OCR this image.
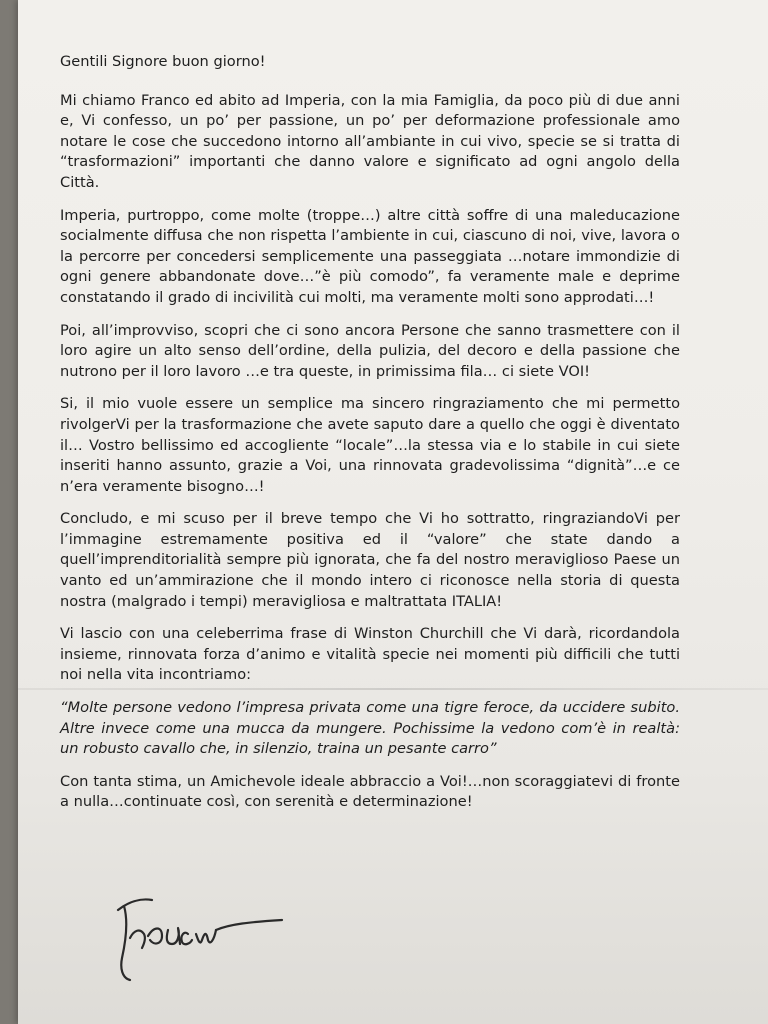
Gentili Signore buon giorno!

Mi chiamo Franco ed abito ad Imperia, con la mia Famiglia, da poco più di due anni e, Vi confesso, un po’ per passione, un po’ per deformazione professionale amo notare le cose che succedono intorno all’ambiante in cui vivo, specie se si tratta di “trasformazioni” importanti che danno valore e significato ad ogni angolo della Città.

Imperia, purtroppo, come molte (troppe…) altre città soffre di una maleducazione socialmente diffusa che non rispetta l’ambiente in cui, ciascuno di noi, vive, lavora o la percorre per concedersi semplicemente una passeggiata …notare immondizie di ogni genere abbandonate dove…”è più comodo”, fa veramente male e deprime constatando il grado di incivilità cui molti, ma veramente molti sono approdati…!

Poi, all’improvviso, scopri che ci sono ancora Persone che sanno trasmettere con il loro agire un alto senso dell’ordine, della pulizia, del decoro e della passione che nutrono per il loro lavoro …e tra queste, in primissima fila… ci siete VOI!

Si, il mio vuole essere un semplice ma sincero ringraziamento che mi permetto rivolgerVi per la trasformazione che avete saputo dare a quello che oggi è diventato il… Vostro bellissimo ed accogliente “locale”…la stessa via e lo stabile in cui siete inseriti hanno assunto, grazie a Voi, una rinnovata gradevolissima “dignità”…e ce n’era veramente bisogno…!

Concludo, e mi scuso per il breve tempo che Vi ho sottratto, ringraziandoVi per l’immagine estremamente positiva ed il “valore” che state dando a quell’imprenditorialità sempre più ignorata, che fa del nostro meraviglioso Paese un vanto ed un’ammirazione che il mondo intero ci riconosce nella storia di questa nostra (malgrado i tempi) meravigliosa e maltrattata ITALIA!

Vi lascio con una celeberrima frase di Winston Churchill che Vi darà, ricordandola insieme, rinnovata forza d’animo e vitalità specie nei momenti più difficili che tutti noi nella vita incontriamo:

“Molte persone vedono l’impresa privata come una tigre feroce, da uccidere subito. Altre invece come una mucca da mungere. Pochissime la vedono com’è in realtà: un robusto cavallo che, in silenzio, traina un pesante carro”

Con tanta stima, un Amichevole ideale abbraccio a Voi!…non scoraggiatevi di fronte a nulla…continuate così, con serenità e determinazione!
